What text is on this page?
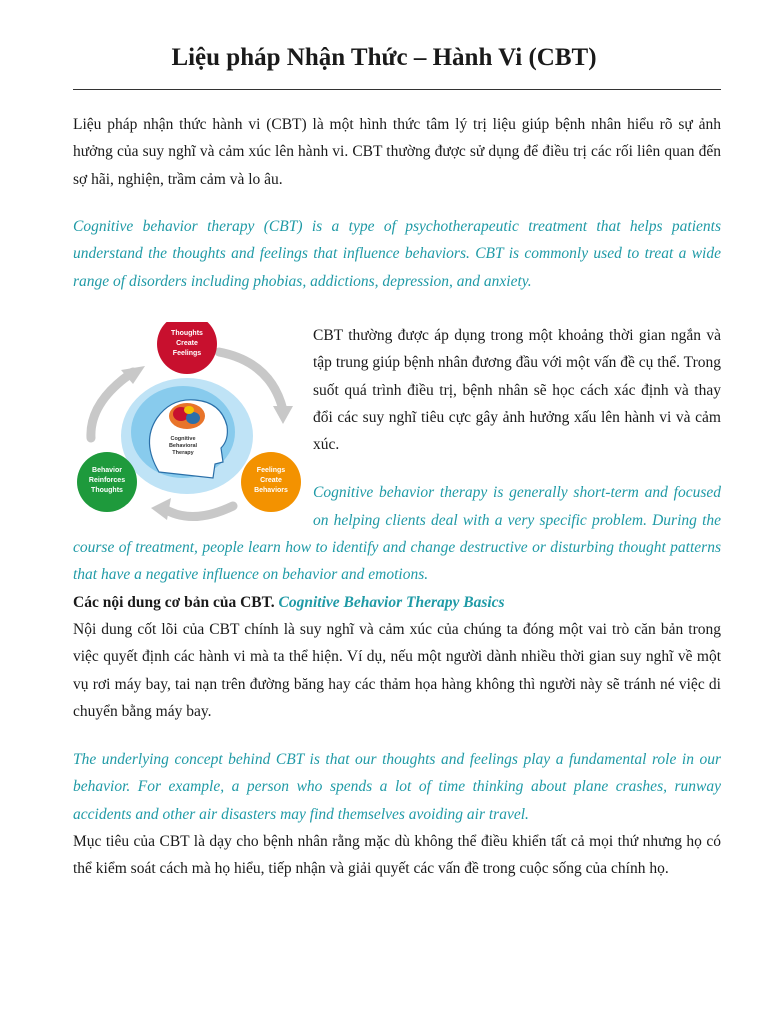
Liệu pháp Nhận Thức – Hành Vi (CBT)

Liệu pháp nhận thức hành vi (CBT) là một hình thức tâm lý trị liệu giúp bệnh nhân hiểu rõ sự ảnh hưởng của suy nghĩ và cảm xúc lên hành vi. CBT thường được sử dụng để điều trị các rối liên quan đến sợ hãi, nghiện, trầm cảm và lo âu.

Cognitive behavior therapy (CBT) is a type of psychotherapeutic treatment that helps patients understand the thoughts and feelings that influence behaviors. CBT is commonly used to treat a wide range of disorders including phobias, addictions, depression, and anxiety.

Cognitive
Behavioral
Therapy
Thoughts
Create
Feelings
Behavior
Reinforces
Thoughts
Feelings
Create
Behaviors

CBT thường được áp dụng trong một khoảng thời gian ngắn và tập trung giúp bệnh nhân đương đầu với một vấn đề cụ thể. Trong suốt quá trình điều trị, bệnh nhân sẽ học cách xác định và thay đổi các suy nghĩ tiêu cực gây ảnh hưởng xấu lên hành vi và cảm xúc.

Cognitive behavior therapy is generally short-term and focused on helping clients deal with a very specific problem. During the course of treatment, people learn how to identify and change destructive or disturbing thought patterns that have a negative influence on behavior and emotions.

Các nội dung cơ bản của CBT. Cognitive Behavior Therapy Basics

Nội dung cốt lõi của CBT chính là suy nghĩ và cảm xúc của chúng ta đóng một vai trò căn bản trong việc quyết định các hành vi mà ta thể hiện. Ví dụ, nếu một người dành nhiều thời gian suy nghĩ về một vụ rơi máy bay, tai nạn trên đường băng hay các thảm họa hàng không thì người này sẽ tránh né việc di chuyển bằng máy bay.

The underlying concept behind CBT is that our thoughts and feelings play a fundamental role in our behavior. For example, a person who spends a lot of time thinking about plane crashes, runway accidents and other air disasters may find themselves avoiding air travel.

Mục tiêu của CBT là dạy cho bệnh nhân rằng mặc dù không thể điều khiển tất cả mọi thứ nhưng họ có thể kiểm soát cách mà họ hiểu, tiếp nhận và giải quyết các vấn đề trong cuộc sống của chính họ.
